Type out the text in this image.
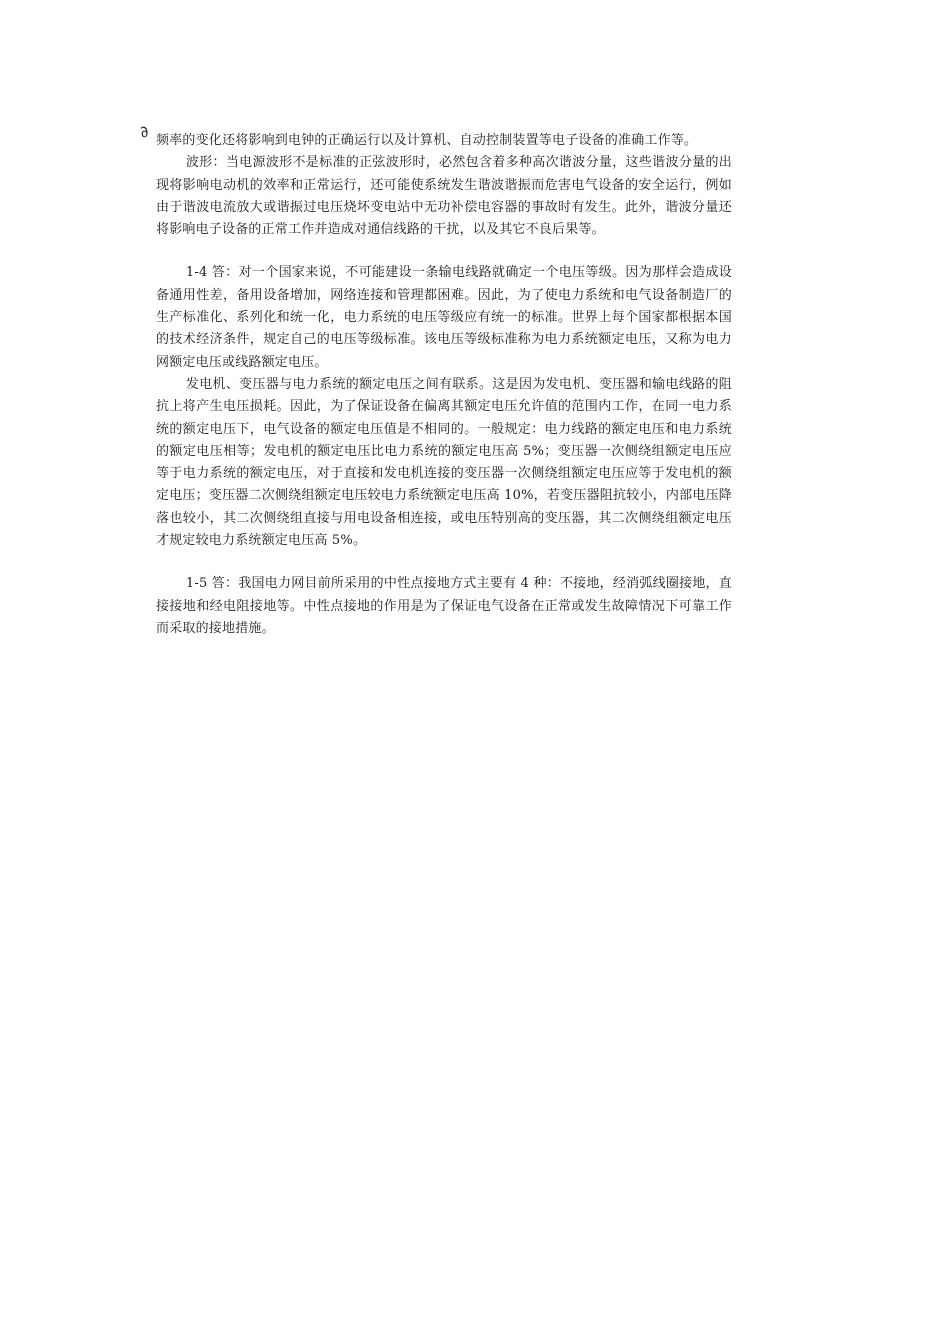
∂ 频率的变化还将影响到电钟的正确运行以及计算机、自动控制装置等电子设备的准确工作等。

波形：当电源波形不是标准的正弦波形时，必然包含着多种高次谐波分量，这些谐波分量的出现将影响电动机的效率和正常运行，还可能使系统发生谐波谐振而危害电气设备的安全运行，例如由于谐波电流放大或谐振过电压烧坏变电站中无功补偿电容器的事故时有发生。此外，谐波分量还将影响电子设备的正常工作并造成对通信线路的干扰，以及其它不良后果等。

1-4 答：对一个国家来说，不可能建设一条输电线路就确定一个电压等级。因为那样会造成设备通用性差，备用设备增加，网络连接和管理都困难。因此，为了使电力系统和电气设备制造厂的生产标准化、系列化和统一化，电力系统的电压等级应有统一的标准。世界上每个国家都根据本国的技术经济条件，规定自己的电压等级标准。该电压等级标准称为电力系统额定电压，又称为电力网额定电压或线路额定电压。

发电机、变压器与电力系统的额定电压之间有联系。这是因为发电机、变压器和输电线路的阻抗上将产生电压损耗。因此，为了保证设备在偏离其额定电压允许值的范围内工作，在同一电力系统的额定电压下，电气设备的额定电压值是不相同的。一般规定：电力线路的额定电压和电力系统的额定电压相等；发电机的额定电压比电力系统的额定电压高 5%；变压器一次侧绕组额定电压应等于电力系统的额定电压，对于直接和发电机连接的变压器一次侧绕组额定电压应等于发电机的额定电压；变压器二次侧绕组额定电压较电力系统额定电压高 10%，若变压器阻抗较小，内部电压降落也较小，其二次侧绕组直接与用电设备相连接，或电压特别高的变压器，其二次侧绕组额定电压才规定较电力系统额定电压高 5%。

1-5 答：我国电力网目前所采用的中性点接地方式主要有 4 种：不接地，经消弧线圈接地，直接接地和经电阻接地等。中性点接地的作用是为了保证电气设备在正常或发生故障情况下可靠工作而采取的接地措施。
